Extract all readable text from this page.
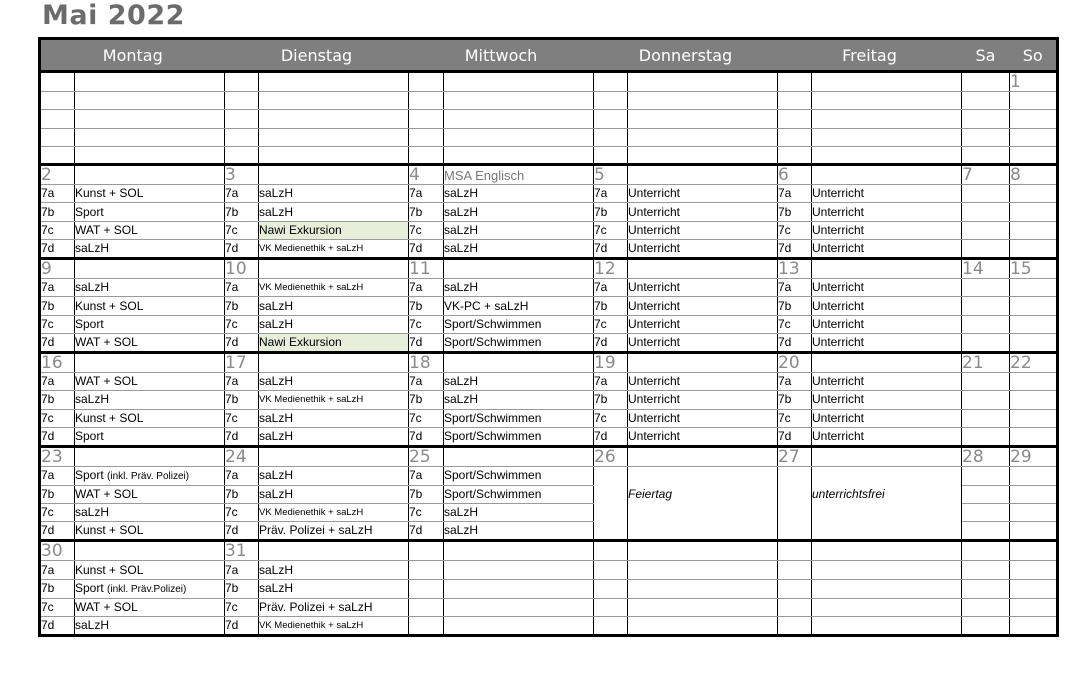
Mai 2022
Montag		Dienstag		Mittwoch		Donnerstag		Freitag		Sa	So
											1

2		3		4	MSA Englisch	5		6		7	8
7a	Kunst + SOL	7a	saLzH	7a	saLzH	7a	Unterricht	7a	Unterricht		
7b	Sport	7b	saLzH	7b	saLzH	7b	Unterricht	7b	Unterricht		
7c	WAT + SOL	7c	Nawi Exkursion	7c	saLzH	7c	Unterricht	7c	Unterricht		
7d	saLzH	7d	VK Medienethik + saLzH	7d	saLzH	7d	Unterricht	7d	Unterricht		
9		10		11		12		13		14	15
7a	saLzH	7a	VK Medienethik + saLzH	7a	saLzH	7a	Unterricht	7a	Unterricht		
7b	Kunst + SOL	7b	saLzH	7b	VK-PC + saLzH	7b	Unterricht	7b	Unterricht		
7c	Sport	7c	saLzH	7c	Sport/Schwimmen	7c	Unterricht	7c	Unterricht		
7d	WAT + SOL	7d	Nawi Exkursion	7d	Sport/Schwimmen	7d	Unterricht	7d	Unterricht		
16		17		18		19		20		21	22
7a	WAT + SOL	7a	saLzH	7a	saLzH	7a	Unterricht	7a	Unterricht		
7b	saLzH	7b	VK Medienethik + saLzH	7b	saLzH	7b	Unterricht	7b	Unterricht		
7c	Kunst + SOL	7c	saLzH	7c	Sport/Schwimmen	7c	Unterricht	7c	Unterricht		
7d	Sport	7d	saLzH	7d	Sport/Schwimmen	7d	Unterricht	7d	Unterricht		
23		24		25		26		27		28	29
7a	Sport (inkl. Präv. Polizei)	7a	saLzH	7a	Sport/Schwimmen						
7b	WAT + SOL	7b	saLzH	7b	Sport/Schwimmen		Feiertag		unterrichtsfrei		
7c	saLzH	7c	VK Medienethik + saLzH	7c	saLzH						
7d	Kunst + SOL	7d	Präv. Polizei + saLzH	7d	saLzH						
30		31									
7a	Kunst + SOL	7a	saLzH								
7b	Sport (inkl. Präv.Polizei)	7b	saLzH								
7c	WAT + SOL	7c	Präv. Polizei + saLzH								
7d	saLzH	7d	VK Medienethik + saLzH								
